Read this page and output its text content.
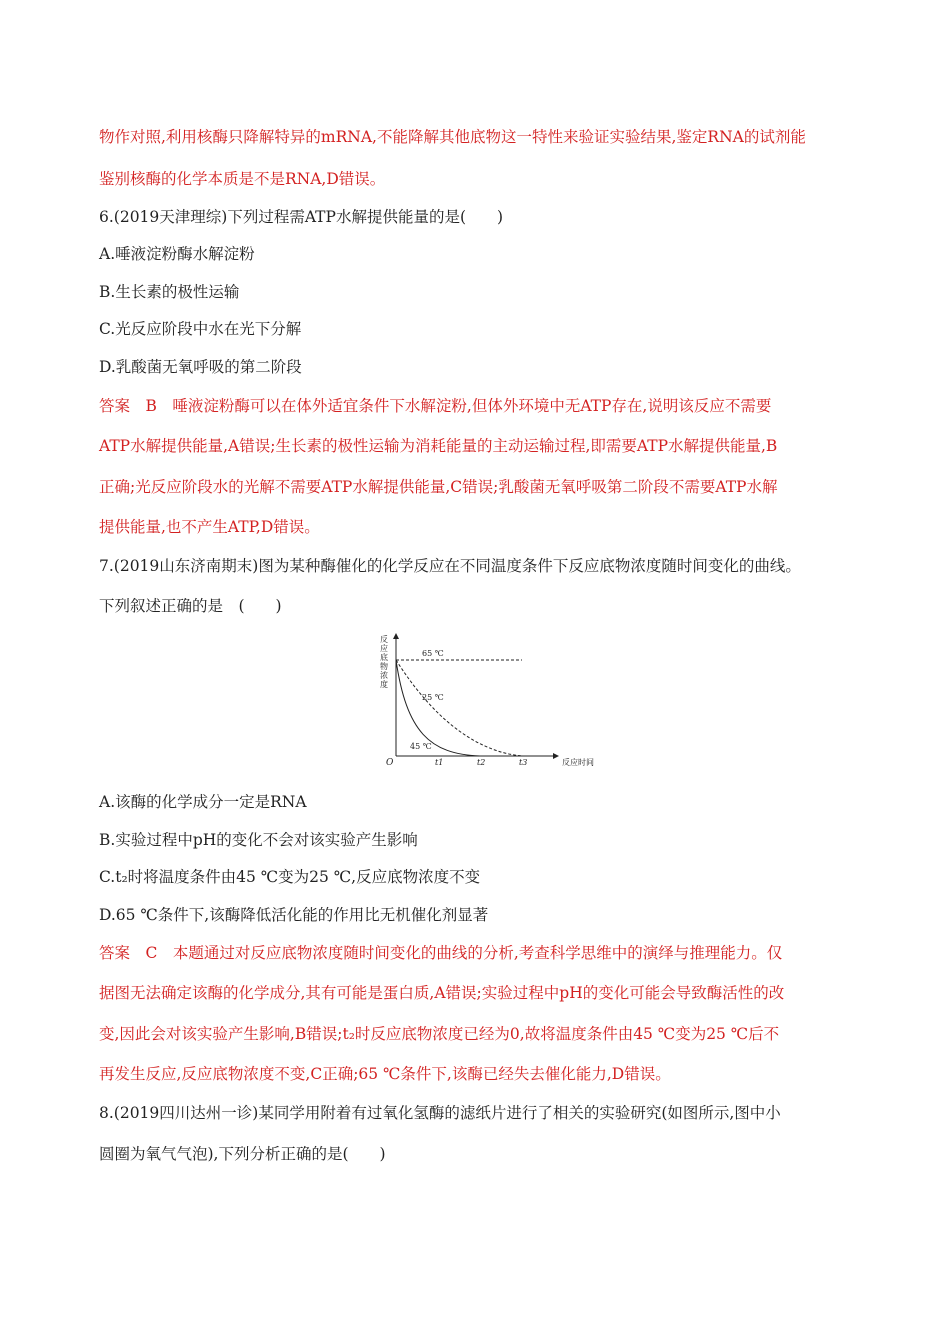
物作对照,利用核酶只降解特异的mRNA,不能降解其他底物这一特性来验证实验结果,鉴定RNA的试剂能
鉴别核酶的化学本质是不是RNA,D错误。
6.(2019天津理综)下列过程需ATP水解提供能量的是(　　)
A.唾液淀粉酶水解淀粉
B.生长素的极性运输
C.光反应阶段中水在光下分解
D.乳酸菌无氧呼吸的第二阶段
答案　B　唾液淀粉酶可以在体外适宜条件下水解淀粉,但体外环境中无ATP存在,说明该反应不需要
ATP水解提供能量,A错误;生长素的极性运输为消耗能量的主动运输过程,即需要ATP水解提供能量,B
正确;光反应阶段水的光解不需要ATP水解提供能量,C错误;乳酸菌无氧呼吸第二阶段不需要ATP水解
提供能量,也不产生ATP,D错误。
7.(2019山东济南期末)图为某种酶催化的化学反应在不同温度条件下反应底物浓度随时间变化的曲线。
下列叙述正确的是　(　　)
反应底物浓度
反应时间
O	t1	t2	t3
65 ℃
25 ℃
45 ℃
A.该酶的化学成分一定是RNA
B.实验过程中pH的变化不会对该实验产生影响
C.t₂时将温度条件由45 ℃变为25 ℃,反应底物浓度不变
D.65 ℃条件下,该酶降低活化能的作用比无机催化剂显著
答案　C　本题通过对反应底物浓度随时间变化的曲线的分析,考查科学思维中的演绎与推理能力。仅
据图无法确定该酶的化学成分,其有可能是蛋白质,A错误;实验过程中pH的变化可能会导致酶活性的改
变,因此会对该实验产生影响,B错误;t₂时反应底物浓度已经为0,故将温度条件由45 ℃变为25 ℃后不
再发生反应,反应底物浓度不变,C正确;65 ℃条件下,该酶已经失去催化能力,D错误。
8.(2019四川达州一诊)某同学用附着有过氧化氢酶的滤纸片进行了相关的实验研究(如图所示,图中小
圆圈为氧气气泡),下列分析正确的是(　　)
